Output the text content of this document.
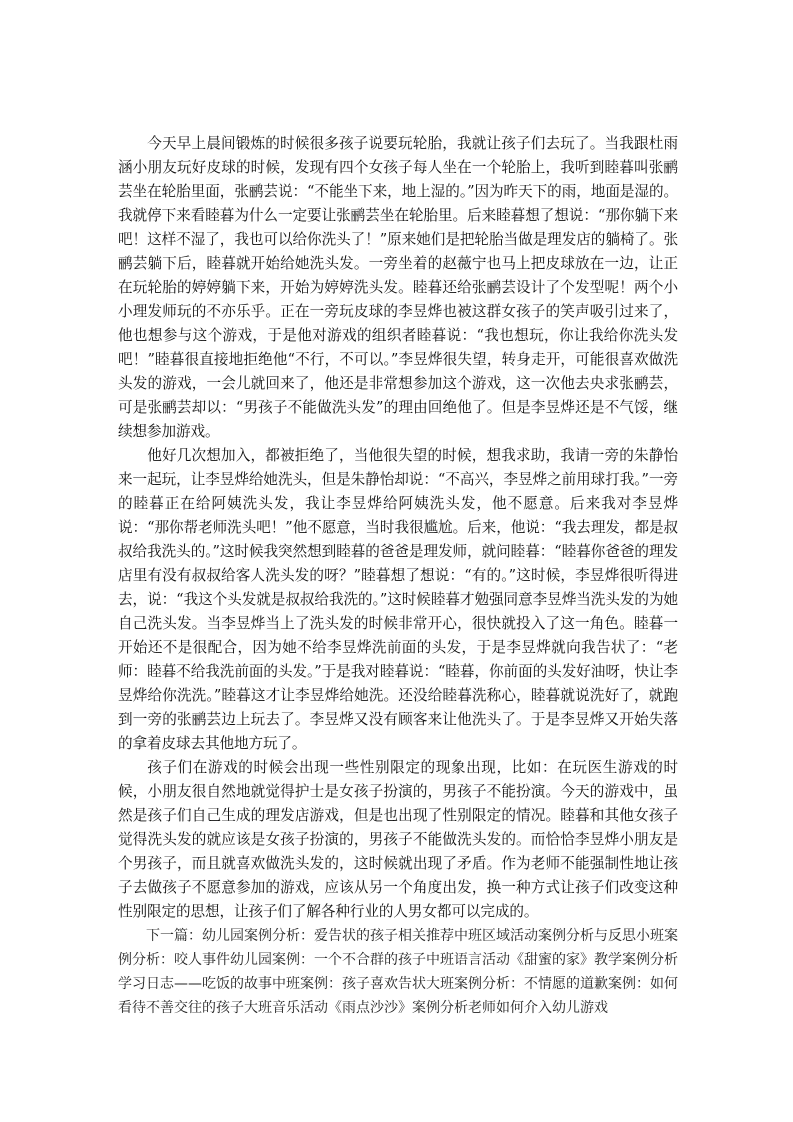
今天早上晨间锻炼的时候很多孩子说要玩轮胎，我就让孩子们去玩了。当我跟杜雨涵小朋友玩好皮球的时候，发现有四个女孩子每人坐在一个轮胎上，我听到睦暮叫张鹂芸坐在轮胎里面，张鹂芸说：“不能坐下来，地上湿的。”因为昨天下的雨，地面是湿的。我就停下来看睦暮为什么一定要让张鹂芸坐在轮胎里。后来睦暮想了想说：“那你躺下来吧！这样不湿了，我也可以给你洗头了！”原来她们是把轮胎当做是理发店的躺椅了。张鹂芸躺下后，睦暮就开始给她洗头发。一旁坐着的赵薇宁也马上把皮球放在一边，让正在玩轮胎的婷婷躺下来，开始为婷婷洗头发。睦暮还给张鹂芸设计了个发型呢！两个小小理发师玩的不亦乐乎。正在一旁玩皮球的李昱烨也被这群女孩子的笑声吸引过来了，他也想参与这个游戏，于是他对游戏的组织者睦暮说：“我也想玩，你让我给你洗头发吧！”睦暮很直接地拒绝他“不行，不可以。”李昱烨很失望，转身走开，可能很喜欢做洗头发的游戏，一会儿就回来了，他还是非常想参加这个游戏，这一次他去央求张鹂芸，可是张鹂芸却以：“男孩子不能做洗头发”的理由回绝他了。但是李昱烨还是不气馁，继续想参加游戏。

他好几次想加入，都被拒绝了，当他很失望的时候，想我求助，我请一旁的朱静怡来一起玩，让李昱烨给她洗头，但是朱静怡却说：“不高兴，李昱烨之前用球打我。”一旁的睦暮正在给阿姨洗头发，我让李昱烨给阿姨洗头发，他不愿意。后来我对李昱烨说：“那你帮老师洗头吧！”他不愿意，当时我很尴尬。后来，他说：“我去理发，都是叔叔给我洗头的。”这时候我突然想到睦暮的爸爸是理发师，就问睦暮：“睦暮你爸爸的理发店里有没有叔叔给客人洗头发的呀？”睦暮想了想说：“有的。”这时候，李昱烨很听得进去，说：“我这个头发就是叔叔给我洗的。”这时候睦暮才勉强同意李昱烨当洗头发的为她自己洗头发。当李昱烨当上了洗头发的时候非常开心，很快就投入了这一角色。睦暮一开始还不是很配合，因为她不给李昱烨洗前面的头发，于是李昱烨就向我告状了：“老师：睦暮不给我洗前面的头发。”于是我对睦暮说：“睦暮，你前面的头发好油呀，快让李昱烨给你洗洗。”睦暮这才让李昱烨给她洗。还没给睦暮洗称心，睦暮就说洗好了，就跑到一旁的张鹂芸边上玩去了。李昱烨又没有顾客来让他洗头了。于是李昱烨又开始失落的拿着皮球去其他地方玩了。

孩子们在游戏的时候会出现一些性别限定的现象出现，比如：在玩医生游戏的时候，小朋友很自然地就觉得护士是女孩子扮演的，男孩子不能扮演。今天的游戏中，虽然是孩子们自己生成的理发店游戏，但是也出现了性别限定的情况。睦暮和其他女孩子觉得洗头发的就应该是女孩子扮演的，男孩子不能做洗头发的。而恰恰李昱烨小朋友是个男孩子，而且就喜欢做洗头发的，这时候就出现了矛盾。作为老师不能强制性地让孩子去做孩子不愿意参加的游戏，应该从另一个角度出发，换一种方式让孩子们改变这种性别限定的思想，让孩子们了解各种行业的人男女都可以完成的。

下一篇：幼儿园案例分析：爱告状的孩子相关推荐中班区域活动案例分析与反思小班案例分析：咬人事件幼儿园案例：一个不合群的孩子中班语言活动《甜蜜的家》教学案例分析学习日志——吃饭的故事中班案例：孩子喜欢告状大班案例分析：不情愿的道歉案例：如何看待不善交往的孩子大班音乐活动《雨点沙沙》案例分析老师如何介入幼儿游戏
